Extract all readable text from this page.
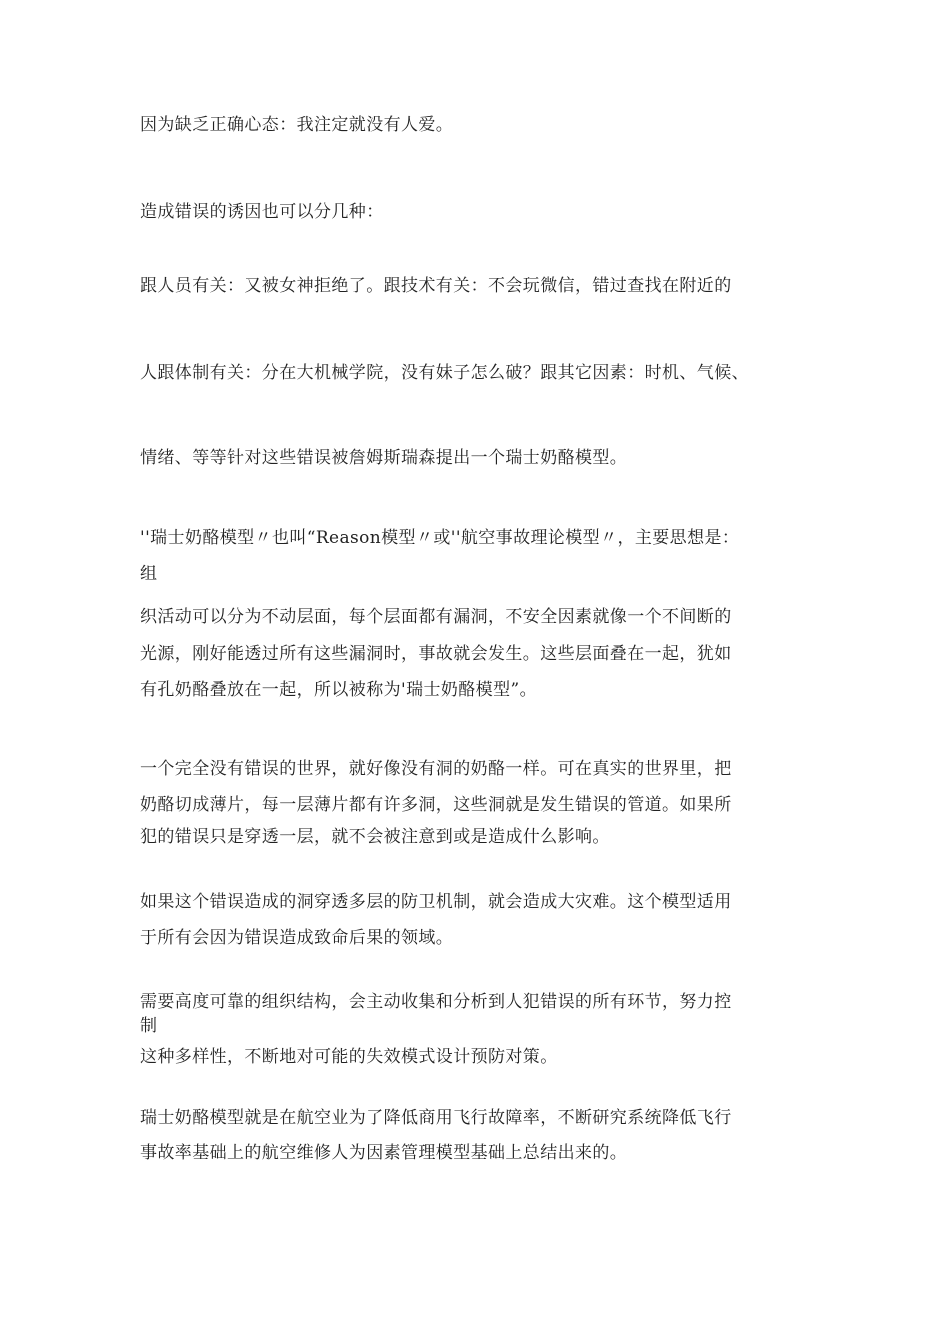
因为缺乏正确心态：我注定就没有人爱。
造成错误的诱因也可以分几种：
跟人员有关：又被女神拒绝了。跟技术有关：不会玩微信，错过查找在附近的
人跟体制有关：分在大机械学院，没有妹子怎么破？跟其它因素：时机、气候、
情绪、等等针对这些错误被詹姆斯瑞森提出一个瑞士奶酪模型。
''瑞士奶酪模型〃也叫“Reason模型〃或''航空事故理论模型〃，主要思想是：
组
织活动可以分为不动层面，每个层面都有漏洞，不安全因素就像一个不间断的
光源，刚好能透过所有这些漏洞时，事故就会发生。这些层面叠在一起，犹如
有孔奶酪叠放在一起，所以被称为'瑞士奶酪模型”。
一个完全没有错误的世界，就好像没有洞的奶酪一样。可在真实的世界里，把
奶酪切成薄片，每一层薄片都有许多洞，这些洞就是发生错误的管道。如果所
犯的错误只是穿透一层，就不会被注意到或是造成什么影响。
如果这个错误造成的洞穿透多层的防卫机制，就会造成大灾难。这个模型适用
于所有会因为错误造成致命后果的领域。
需要高度可靠的组织结构，会主动收集和分析到人犯错误的所有环节，努力控
制
这种多样性，不断地对可能的失效模式设计预防对策。
瑞士奶酪模型就是在航空业为了降低商用飞行故障率，不断研究系统降低飞行
事故率基础上的航空维修人为因素管理模型基础上总结出来的。
